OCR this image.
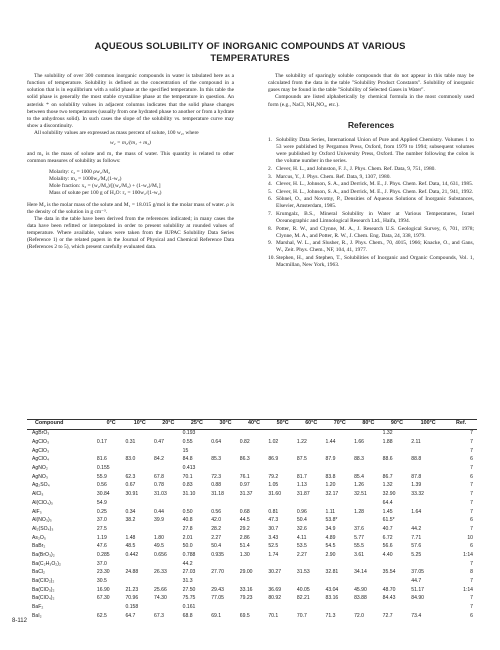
AQUEOUS SOLUBILITY OF INORGANIC COMPOUNDS AT VARIOUS
TEMPERATURES

The solubility of over 300 common inorganic compounds in water is tabulated here as a function of temperature. Solubility is defined as the concentration of the compound in a solution that is in equilibrium with a solid phase at the specified temperature. In this table the solid phase is generally the most stable crystalline phase at the temperature in question. An asterisk * on solubility values in adjacent columns indicates that the solid phase changes between those two temperatures (usually from one hydrated phase to another or from a hydrate to the anhydrous solid). In such cases the slope of the solubility vs. temperature curve may show a discontinuity.

All solubility values are expressed as mass percent of solute, 100 w₂, where

w₂ = m₂/(m₁ + m₂)

and m₂ is the mass of solute and m₁ the mass of water. This quantity is related to other common measures of solubility as follows:

Molarity: c₂ = 1000 ρw₂/M₂
Molality: m₂ = 1000w₂/M₂(1-w₂)
Mole fraction: x₂ = (w₂/M₂)/[(w₂/M₂) + (1-w₂)/M₁]
Mass of solute per 100 g of H₂O: r₂ = 100w₂/(1-w₂)

Here M₂ is the molar mass of the solute and M₁ = 18.015 g/mol is the molar mass of water. ρ is the density of the solution in g cm⁻³.

The data in the table have been derived from the references indicated; in many cases the data have been refitted or interpolated in order to present solubility at rounded values of temperature. Where available, values were taken from the IUPAC Solubility Data Series (Reference 1) or the related papers in the Journal of Physical and Chemical Reference Data (References 2 to 5), which present carefully evaluated data.

The solubility of sparingly soluble compounds that do not appear in this table may be calculated from the data in the table "Solubility Product Constants". Solubility of inorganic gases may be found in the table "Solubility of Selected Gases in Water".

Compounds are listed alphabetically by chemical formula in the most commonly used form (e.g., NaCl, NH₄NO₃, etc.).

References
1. Solubility Data Series, International Union of Pure and Applied Chemistry. Volumes 1 to 53 were published by Pergamon Press, Oxford, from 1979 to 1994; subsequent volumes were published by Oxford University Press, Oxford. The number following the colon is the volume number in the series.
2. Clever, H. L., and Johnston, F. J., J. Phys. Chem. Ref. Data, 9, 751, 1980.
3. Marcus, Y., J. Phys. Chem. Ref. Data, 9, 1307, 1980.
4. Clever, H. L., Johnson, S. A., and Derrick, M. E., J. Phys. Chem. Ref. Data, 14, 631, 1985.
5. Clever, H. L., Johnson, S. A., and Derrick, M. E., J. Phys. Chem. Ref. Data, 21, 941, 1992.
6. Söhnel, O., and Novotny, P., Densities of Aqueous Solutions of Inorganic Substances, Elsevier, Amsterdam, 1985.
7. Krumgalz, B.S., Mineral Solubility in Water at Various Temperatures, Israel Oceanographic and Limnological Research Ltd., Haifa, 1994.
8. Potter, R. W., and Clynne, M. A., J. Research U.S. Geological Survey, 6, 701, 1978; Clynne, M. A., and Potter, R. W., J. Chem. Eng. Data, 24, 338, 1979.
9. Marshal, W. L., and Slusher, R., J. Phys. Chem., 70, 4015, 1966; Knacke, O., and Gans, W., Zeit. Phys. Chem., NF, 104, 41, 1977.
10. Stephen, H., and Stephen, T., Solubilities of Inorganic and Organic Compounds, Vol. 1, Macmillan, New York, 1963.
Compound	0°C	10°C	20°C	25°C	30°C	40°C	50°C	60°C	70°C	80°C	90°C	100°C	Ref.
AgBrO₃				0.193							1.32		7
AgClO₃	0.17	0.31	0.47	0.55	0.64	0.82	1.02	1.22	1.44	1.66	1.88	2.11	7
AgClO₃				15									7
AgClO₄	81.6	83.0	84.2	84.8	85.3	86.3	86.9	87.5	87.9	88.3	88.6	88.8	6
AgNO₂	0.155			0.413									7
AgNO₃	55.9	62.3	67.8	70.1	72.3	76.1	79.2	81.7	83.8	85.4	86.7	87.8	6
Ag₂SO₄	0.56	0.67	0.78	0.83	0.88	0.97	1.05	1.13	1.20	1.26	1.32	1.39	7
AlCl₃	30.84	30.91	31.03	31.10	31.18	31.37	31.60	31.87	32.17	32.51	32.90	33.32	7
Al(ClO₄)₃	54.9										64.4		7
AlF₃	0.25	0.34	0.44	0.50	0.56	0.68	0.81	0.96	1.11	1.28	1.45	1.64	7
Al(NO₃)₃	37.0	38.2	39.9	40.8	42.0	44.5	47.3	50.4	53.8*		61.5*		6
Al₂(SO₄)₃	27.5			27.8	28.2	29.2	30.7	32.6	34.9	37.6	40.7	44.2	7
As₂O₅	1.19	1.48	1.80	2.01	2.27	2.86	3.43	4.11	4.89	5.77	6.72	7.71	10
BaBr₂	47.6	48.5	49.5	50.0	50.4	51.4	52.5	53.5	54.5	55.5	56.6	57.6	6
Ba(BrO₃)₂	0.285	0.442	0.656	0.788	0.935	1.30	1.74	2.27	2.90	3.61	4.40	5.25	1:14
Ba(C₂H₃O₂)₂	37.0			44.2									7
BaCl₂	23.30	24.88	26.33	27.03	27.70	29.00	30.27	31.53	32.81	34.14	35.54	37.05	8
Ba(ClO₂)₂	30.5			31.3								44.7	7
Ba(ClO₃)₂	16.90	21.23	25.66	27.50	29.43	33.16	36.69	40.05	43.04	45.90	48.70	51.17	1:14
Ba(ClO₄)₂	67.30	70.96	74.30	75.75	77.05	79.23	80.92	82.21	83.16	83.88	84.43	84.90	7
BaF₂		0.158		0.161									7
BaI₂	62.5	64.7	67.3	68.8	69.1	69.5	70.1	70.7	71.3	72.0	72.7	73.4	6
8-112
